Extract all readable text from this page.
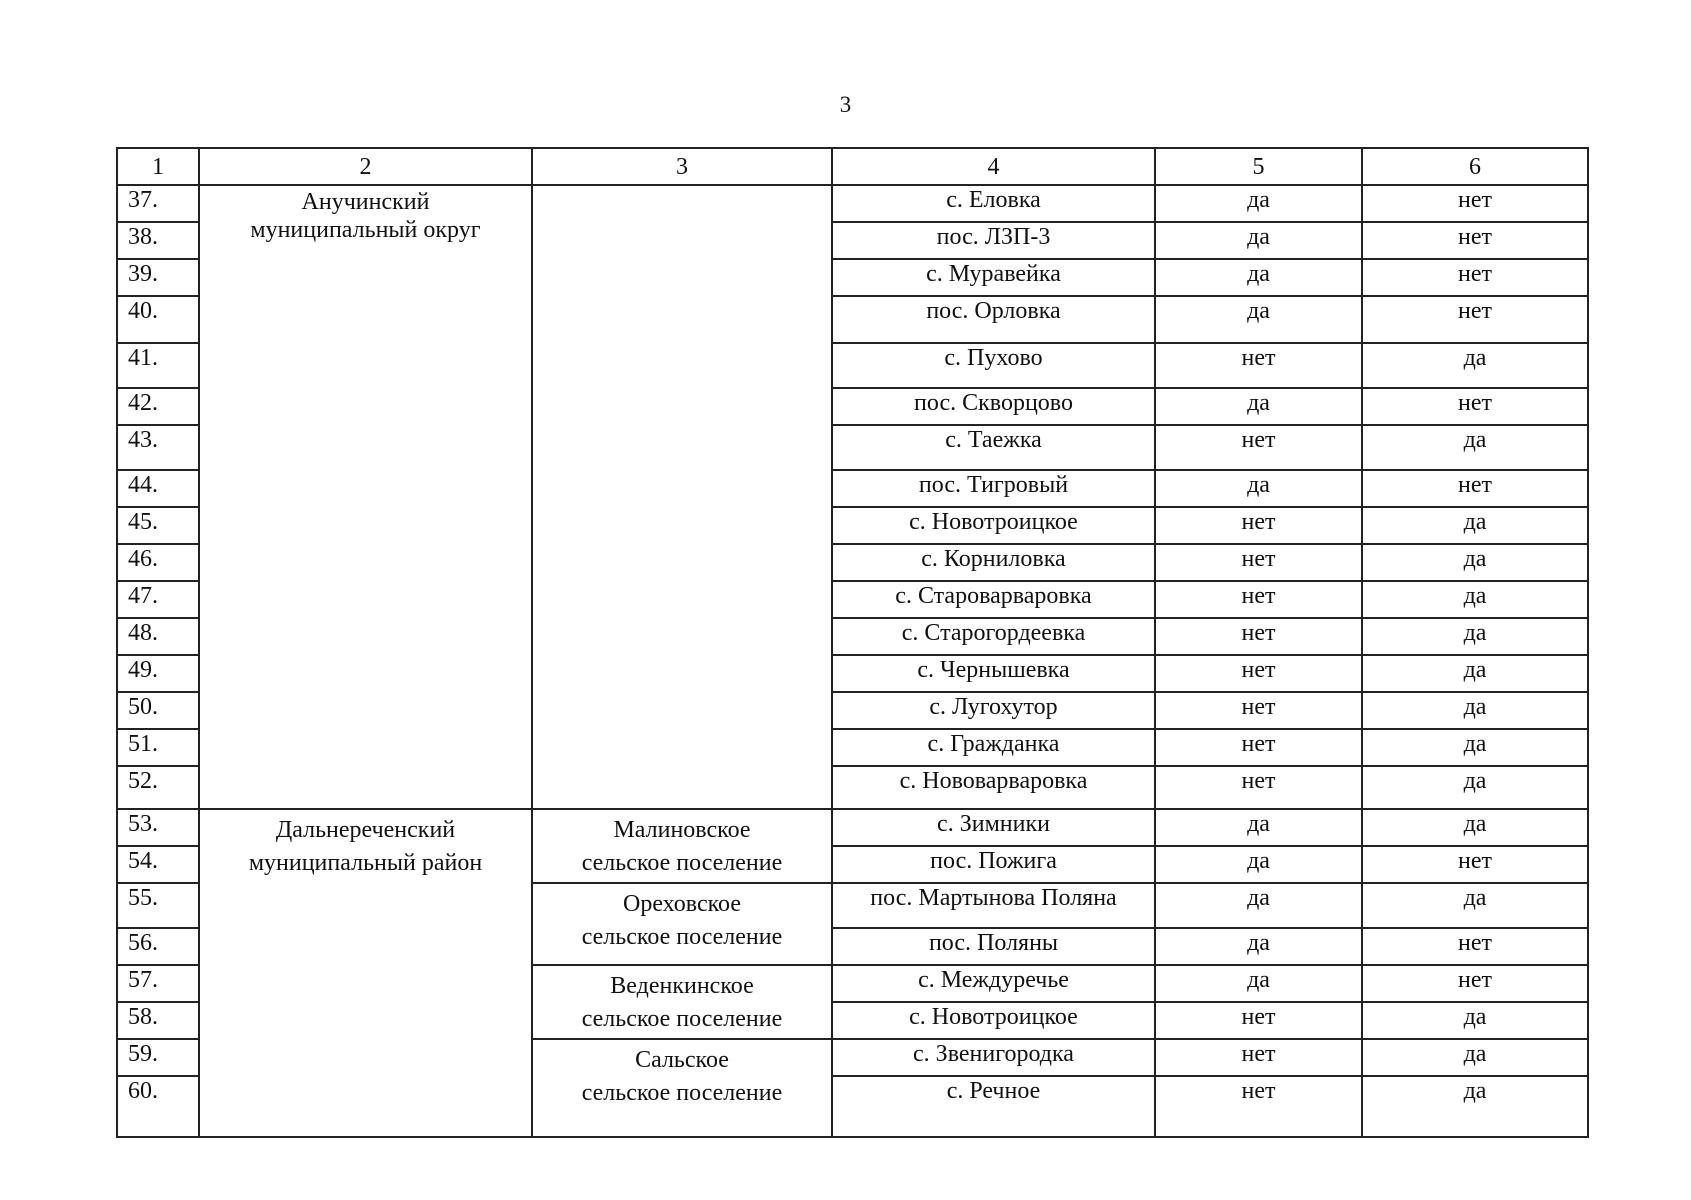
3
1	2	3	4	5	6
37.	Анучинский
муниципальный округ		с. Еловка	да	нет
38.			пос. ЛЗП-3	да	нет
39.			с. Муравейка	да	нет
40.			пос. Орловка	да	нет
41.			с. Пухово	нет	да
42.			пос. Скворцово	да	нет
43.			с. Таежка	нет	да
44.			пос. Тигровый	да	нет
45.			с. Новотроицкое	нет	да
46.			с. Корниловка	нет	да
47.			с. Староварваровка	нет	да
48.			с. Старогордеевка	нет	да
49.			с. Чернышевка	нет	да
50.			с. Лугохутор	нет	да
51.			с. Гражданка	нет	да
52.			с. Нововарваровка	нет	да
53.	Дальнереченский
муниципальный район	Малиновское
сельское поселение	с. Зимники	да	да
54.			пос. Пожига	да	нет
55.		Ореховское
сельское поселение	пос. Мартынова Поляна	да	да
56.			пос. Поляны	да	нет
57.		Веденкинское
сельское поселение	с. Междуречье	да	нет
58.			с. Новотроицкое	нет	да
59.		Сальское
сельское поселение	с. Звенигородка	нет	да
60.			с. Речное	нет	да
